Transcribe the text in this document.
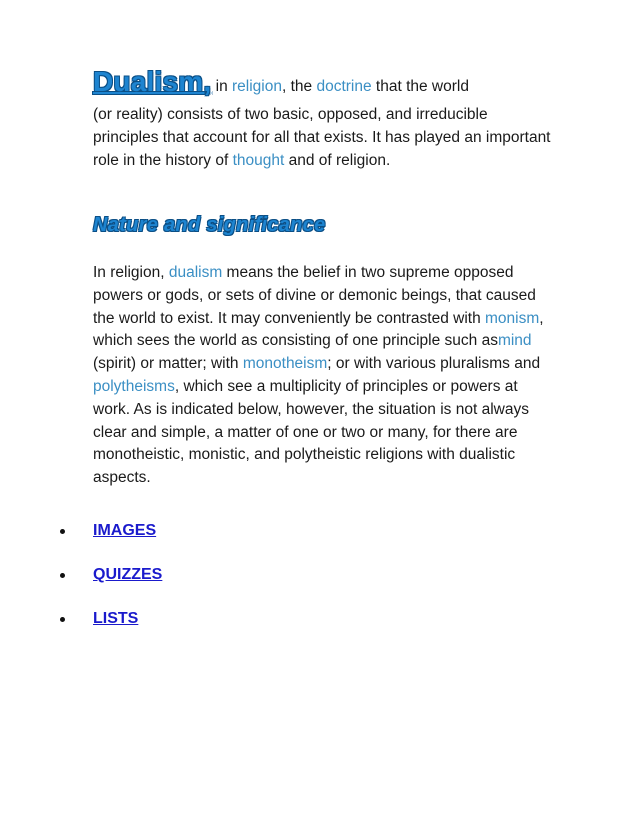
Dualism, in religion, the doctrine that the world
(or reality) consists of two basic, opposed, and irreducible principles that account for all that exists. It has played an important role in the history of thought and of religion.
Nature and significance
In religion, dualism means the belief in two supreme opposed powers or gods, or sets of divine or demonic beings, that caused the world to exist. It may conveniently be contrasted with monism, which sees the world as consisting of one principle such asmind (spirit) or matter; with monotheism; or with various pluralisms and polytheisms, which see a multiplicity of principles or powers at work. As is indicated below, however, the situation is not always clear and simple, a matter of one or two or many, for there are monotheistic, monistic, and polytheistic religions with dualistic aspects.
IMAGES
QUIZZES
LISTS
